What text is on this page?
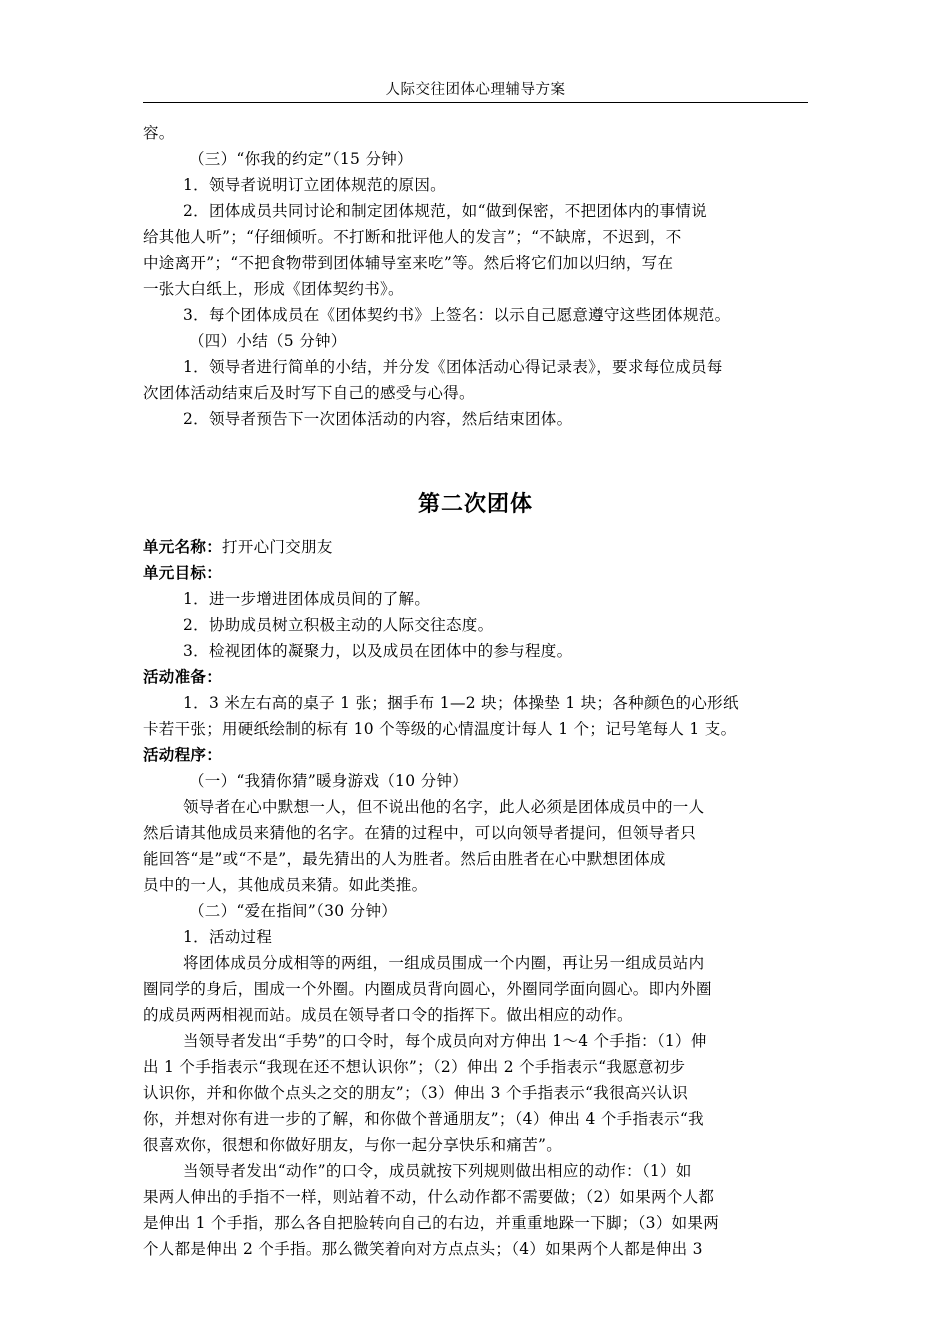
人际交往团体心理辅导方案
容。
（三）“你我的约定”（15 分钟）
1．领导者说明订立团体规范的原因。
2．团体成员共同讨论和制定团体规范，如“做到保密，不把团体内的事情说
给其他人听”；“仔细倾听。不打断和批评他人的发言”；“不缺席，不迟到，不
中途离开”；“不把食物带到团体辅导室来吃”等。然后将它们加以归纳，写在
一张大白纸上，形成《团体契约书》。
3．每个团体成员在《团体契约书》上签名：以示自己愿意遵守这些团体规范。
（四）小结（5 分钟）
1．领导者进行简单的小结，并分发《团体活动心得记录表》，要求每位成员每
次团体活动结束后及时写下自己的感受与心得。
2．领导者预告下一次团体活动的内容，然后结束团体。
第二次团体
单元名称：打开心门交朋友
单元目标：
1．进一步增进团体成员间的了解。
2．协助成员树立积极主动的人际交往态度。
3．检视团体的凝聚力，以及成员在团体中的参与程度。
活动准备：
1．3 米左右高的桌子 1 张；捆手布 1—2 块；体操垫 1 块；各种颜色的心形纸
卡若干张；用硬纸绘制的标有 10 个等级的心情温度计每人 1 个；记号笔每人 1 支。
活动程序：
（一）“我猜你猜”暖身游戏（10 分钟）
领导者在心中默想一人，但不说出他的名字，此人必须是团体成员中的一人
然后请其他成员来猜他的名字。在猜的过程中，可以向领导者提问，但领导者只
能回答“是”或“不是”，最先猜出的人为胜者。然后由胜者在心中默想团体成
员中的一人，其他成员来猜。如此类推。
（二）“爱在指间”（30 分钟）
1．活动过程
将团体成员分成相等的两组，一组成员围成一个内圈，再让另一组成员站内
圈同学的身后，围成一个外圈。内圈成员背向圆心，外圈同学面向圆心。即内外圈
的成员两两相视而站。成员在领导者口令的指挥下。做出相应的动作。
当领导者发出“手势”的口令时，每个成员向对方伸出 1～4 个手指：（1）伸
出 1 个手指表示“我现在还不想认识你”；（2）伸出 2 个手指表示“我愿意初步
认识你，并和你做个点头之交的朋友”；（3）伸出 3 个手指表示“我很高兴认识
你，并想对你有进一步的了解，和你做个普通朋友”；（4）伸出 4 个手指表示“我
很喜欢你，很想和你做好朋友，与你一起分享快乐和痛苦”。
当领导者发出“动作”的口令，成员就按下列规则做出相应的动作：（1）如
果两人伸出的手指不一样，则站着不动，什么动作都不需要做；（2）如果两个人都
是伸出 1 个手指，那么各自把脸转向自己的右边，并重重地跺一下脚；（3）如果两
个人都是伸出 2 个手指。那么微笑着向对方点点头；（4）如果两个人都是伸出 3
